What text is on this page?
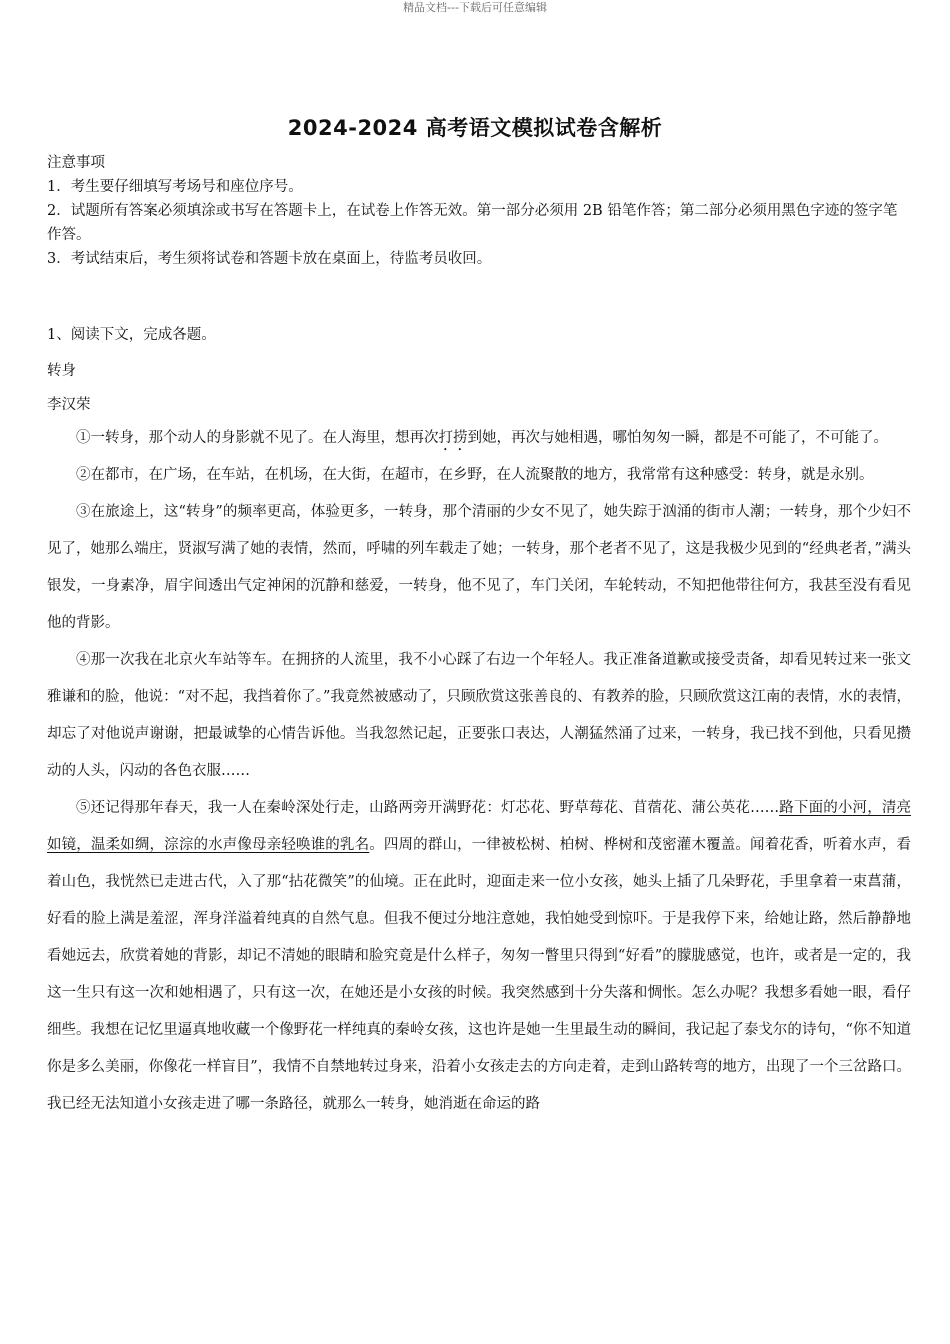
精品文档---下载后可任意编辑
2024-2024 高考语文模拟试卷含解析
注意事项
1．考生要仔细填写考场号和座位序号。
2．试题所有答案必须填涂或书写在答题卡上，在试卷上作答无效。第一部分必须用 2B 铅笔作答；第二部分必须用黑色字迹的签字笔作答。
3．考试结束后，考生须将试卷和答题卡放在桌面上，待监考员收回。
1、阅读下文，完成各题。
转身
李汉荣

①一转身，那个动人的身影就不见了。在人海里，想再次打捞到她，再次与她相遇，哪怕匆匆一瞬，都是不可能了，不可能了。

②在都市，在广场，在车站，在机场，在大街，在超市，在乡野，在人流聚散的地方，我常常有这种感受：转身，就是永别。

③在旅途上，这“转身”的频率更高，体验更多，一转身，那个清丽的少女不见了，她失踪于汹涌的街市人潮；一转身，那个少妇不见了，她那么端庄，贤淑写满了她的表情，然而，呼啸的列车载走了她；一转身，那个老者不见了，这是我极少见到的“经典老者，”满头银发，一身素净，眉宇间透出气定神闲的沉静和慈爱，一转身，他不见了，车门关闭，车轮转动，不知把他带往何方，我甚至没有看见他的背影。

④那一次我在北京火车站等车。在拥挤的人流里，我不小心踩了右边一个年轻人。我正准备道歉或接受责备，却看见转过来一张文雅谦和的脸，他说：“对不起，我挡着你了。”我竟然被感动了，只顾欣赏这张善良的、有教养的脸，只顾欣赏这江南的表情，水的表情，却忘了对他说声谢谢，把最诚挚的心情告诉他。当我忽然记起，正要张口表达，人潮猛然涌了过来，一转身，我已找不到他，只看见攒动的人头，闪动的各色衣服……

⑤还记得那年春天，我一人在秦岭深处行走，山路两旁开满野花：灯芯花、野草莓花、苜蓿花、蒲公英花……路下面的小河，清亮如镜，温柔如绸，淙淙的水声像母亲轻唤谁的乳名。四周的群山，一律被松树、柏树、桦树和茂密灌木覆盖。闻着花香，听着水声，看着山色，我恍然已走进古代，入了那“拈花微笑”的仙境。正在此时，迎面走来一位小女孩，她头上插了几朵野花，手里拿着一束菖蒲，好看的脸上满是羞涩，浑身洋溢着纯真的自然气息。但我不便过分地注意她，我怕她受到惊吓。于是我停下来，给她让路，然后静静地看她远去，欣赏着她的背影，却记不清她的眼睛和脸究竟是什么样子，匆匆一瞥里只得到“好看”的朦胧感觉，也许，或者是一定的，我这一生只有这一次和她相遇了，只有这一次，在她还是小女孩的时候。我突然感到十分失落和惆怅。怎么办呢？我想多看她一眼，看仔细些。我想在记忆里逼真地收藏一个像野花一样纯真的秦岭女孩，这也许是她一生里最生动的瞬间，我记起了泰戈尔的诗句，“你不知道你是多么美丽，你像花一样盲目”，我情不自禁地转过身来，沿着小女孩走去的方向走着，走到山路转弯的地方，出现了一个三岔路口。我已经无法知道小女孩走进了哪一条路径，就那么一转身，她消逝在命运的路
